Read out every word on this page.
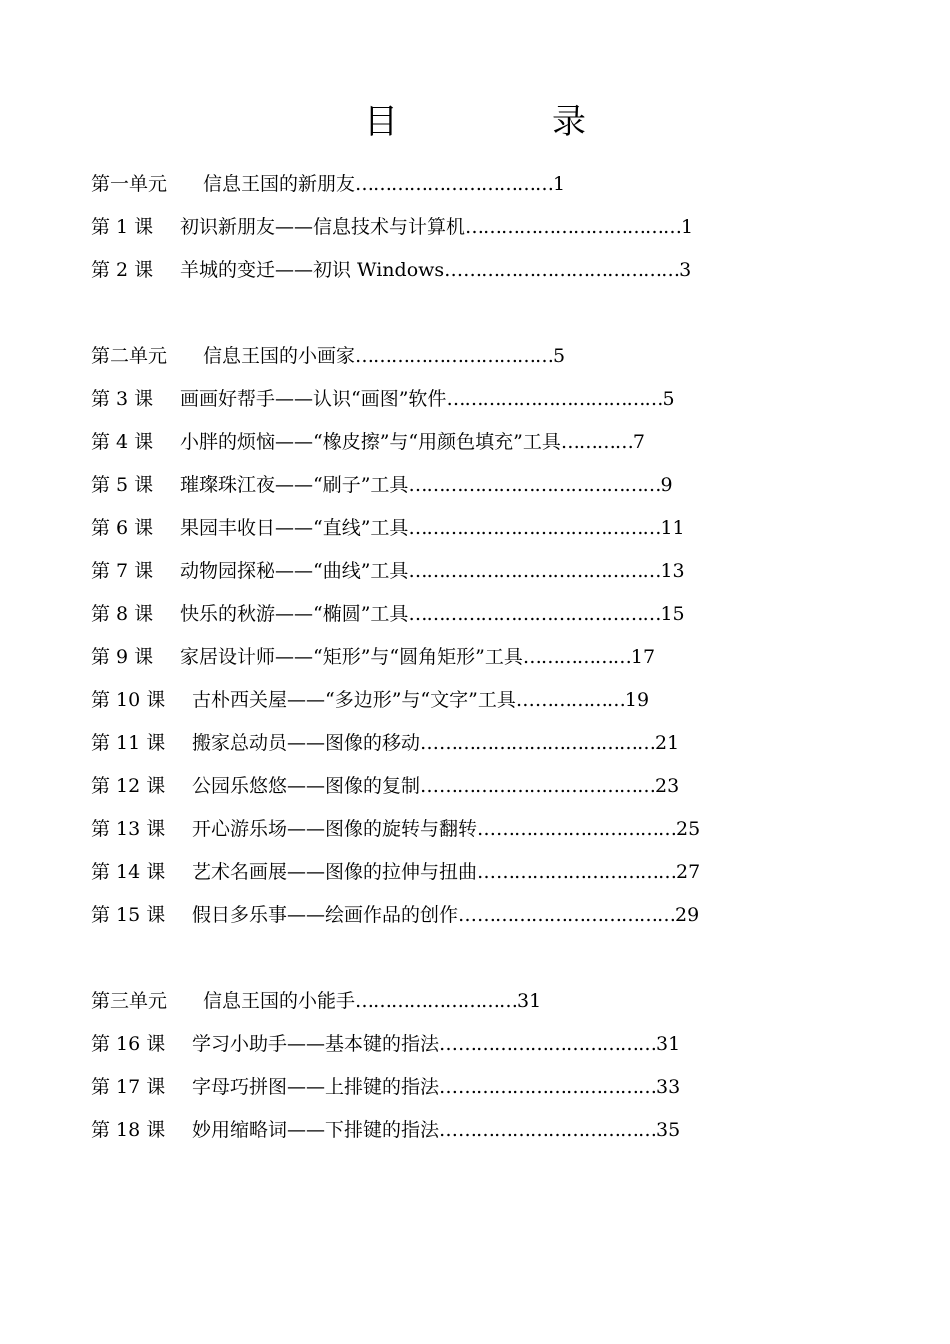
目　录
第一单元 信息王国的新朋友……………………………1
第 1 课 初识新朋友——信息技术与计算机………………………………1
第 2 课 羊城的变迁——初识 Windows…………………………………3
第二单元 信息王国的小画家……………………………5
第 3 课 画画好帮手——认识“画图”软件………………………………5
第 4 课 小胖的烦恼——“橡皮擦”与“用颜色填充”工具…………7
第 5 课 璀璨珠江夜——“刷子”工具……………………………………9
第 6 课 果园丰收日——“直线”工具……………………………………11
第 7 课 动物园探秘——“曲线”工具……………………………………13
第 8 课 快乐的秋游——“椭圆”工具……………………………………15
第 9 课 家居设计师——“矩形”与“圆角矩形”工具………………17
第 10 课 古朴西关屋——“多边形”与“文字”工具………………19
第 11 课 搬家总动员——图像的移动…………………………………21
第 12 课 公园乐悠悠——图像的复制…………………………………23
第 13 课 开心游乐场——图像的旋转与翻转……………………………25
第 14 课 艺术名画展——图像的拉伸与扭曲……………………………27
第 15 课 假日多乐事——绘画作品的创作………………………………29
第三单元 信息王国的小能手………………………31
第 16 课 学习小助手——基本键的指法………………………………31
第 17 课 字母巧拼图——上排键的指法………………………………33
第 18 课 妙用缩略词——下排键的指法………………………………35
